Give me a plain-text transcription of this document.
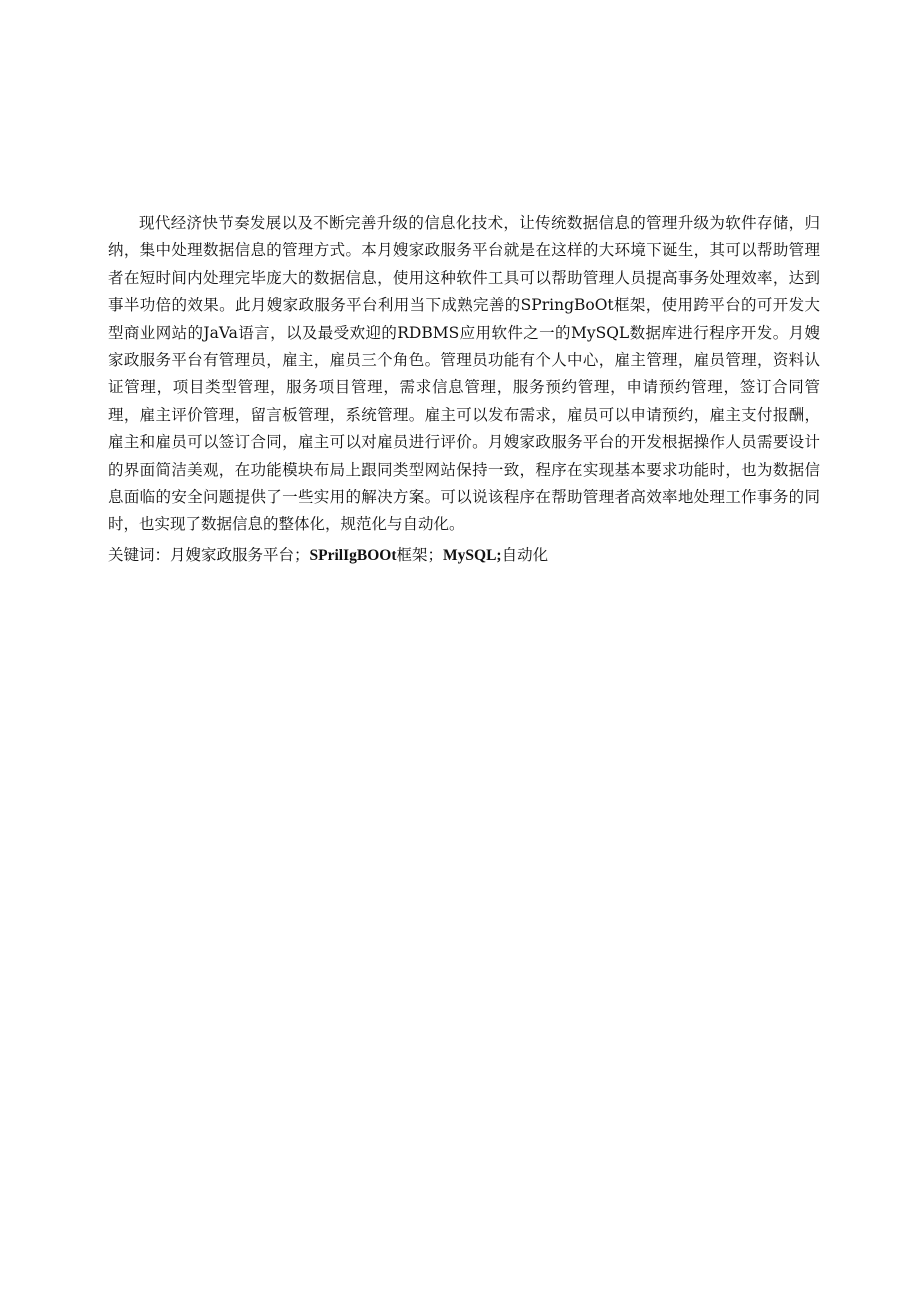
现代经济快节奏发展以及不断完善升级的信息化技术，让传统数据信息的管理升级为软件存储，归纳，集中处理数据信息的管理方式。本月嫂家政服务平台就是在这样的大环境下诞生，其可以帮助管理者在短时间内处理完毕庞大的数据信息，使用这种软件工具可以帮助管理人员提高事务处理效率，达到事半功倍的效果。此月嫂家政服务平台利用当下成熟完善的SPringBoOt框架，使用跨平台的可开发大型商业网站的JaVa语言，以及最受欢迎的RDBMS应用软件之一的MySQL数据库进行程序开发。月嫂家政服务平台有管理员，雇主，雇员三个角色。管理员功能有个人中心，雇主管理，雇员管理，资料认证管理，项目类型管理，服务项目管理，需求信息管理，服务预约管理，申请预约管理，签订合同管理，雇主评价管理，留言板管理，系统管理。雇主可以发布需求，雇员可以申请预约，雇主支付报酬，雇主和雇员可以签订合同，雇主可以对雇员进行评价。月嫂家政服务平台的开发根据操作人员需要设计的界面简洁美观，在功能模块布局上跟同类型网站保持一致，程序在实现基本要求功能时，也为数据信息面临的安全问题提供了一些实用的解决方案。可以说该程序在帮助管理者高效率地处理工作事务的同时，也实现了数据信息的整体化，规范化与自动化。

关键词：月嫂家政服务平台；SPrilIgBOOt框架；MySQL;自动化
